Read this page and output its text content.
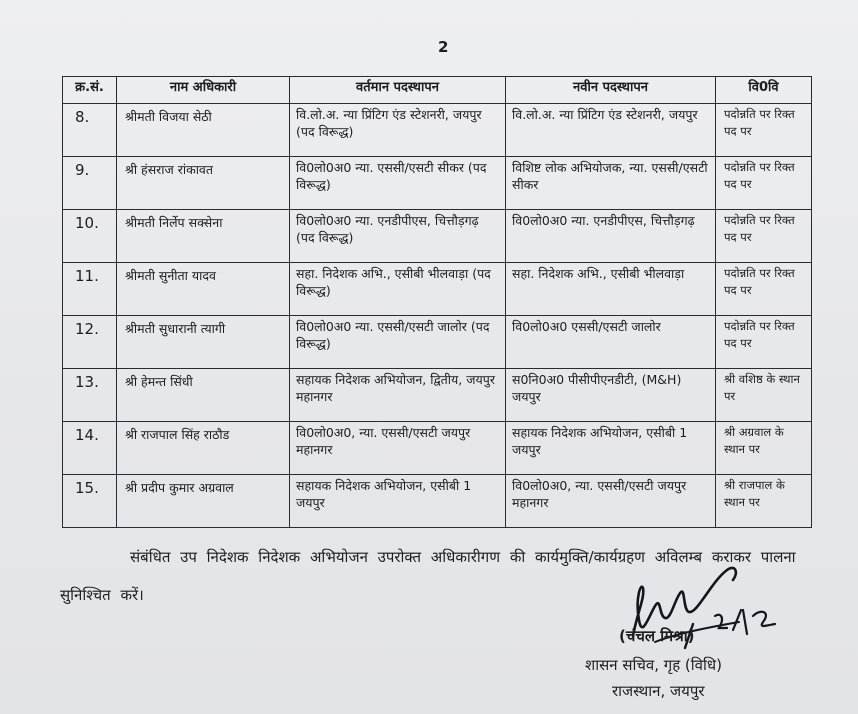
2
क्र.सं.	नाम अधिकारी	वर्तमान पदस्थापन	नवीन पदस्थापन	वि0वि
8.	श्रीमती विजया सेठी	वि.लो.अ. न्या प्रिंटिग एंड स्टेशनरी, जयपुर (पद विरूद्ध)	वि.लो.अ. न्या प्रिंटिग एंड स्टेशनरी, जयपुर	पदोन्नति पर रिक्त पद पर
9.	श्री हंसराज रांकावत	वि0लो0अ0 न्या. एससी/एसटी सीकर (पद विरूद्ध)	विशिष्ट लोक अभियोजक, न्या. एससी/एसटी सीकर	पदोन्नति पर रिक्त पद पर
10.	श्रीमती निर्लेप सक्सेना	वि0लो0अ0 न्या. एनडीपीएस, चित्तौड़गढ़ (पद विरूद्ध)	वि0लो0अ0 न्या. एनडीपीएस, चित्तौड़गढ़	पदोन्नति पर रिक्त पद पर
11.	श्रीमती सुनीता यादव	सहा. निदेशक अभि., एसीबी भीलवाड़ा (पद विरूद्ध)	सहा. निदेशक अभि., एसीबी भीलवाड़ा	पदोन्नति पर रिक्त पद पर
12.	श्रीमती सुधारानी त्यागी	वि0लो0अ0 न्या. एससी/एसटी जालोर (पद विरूद्ध)	वि0लो0अ0 एससी/एसटी जालोर	पदोन्नति पर रिक्त पद पर
13.	श्री हेमन्त सिंधी	सहायक निदेशक अभियोजन, द्वितीय, जयपुर महानगर	स0नि0अ0 पीसीपीएनडीटी, (M&H) जयपुर	श्री वशिष्ठ के स्थान पर
14.	श्री राजपाल सिंह राठौड	वि0लो0अ0, न्या. एससी/एसटी जयपुर महानगर	सहायक निदेशक अभियोजन, एसीबी 1 जयपुर	श्री अग्रवाल के स्थान पर
15.	श्री प्रदीप कुमार अग्रवाल	सहायक निदेशक अभियोजन, एसीबी 1 जयपुर	वि0लो0अ0, न्या. एससी/एसटी जयपुर महानगर	श्री राजपाल के स्थान पर
संबंधित उप निदेशक निदेशक अभियोजन उपरोक्त अधिकारीगण की कार्यमुक्ति/कार्यग्रहण अविलम्ब कराकर पालना सुनिश्चित करें।
(चंचल मिश्रा)
शासन सचिव, गृह (विधि)
राजस्थान, जयपुर
